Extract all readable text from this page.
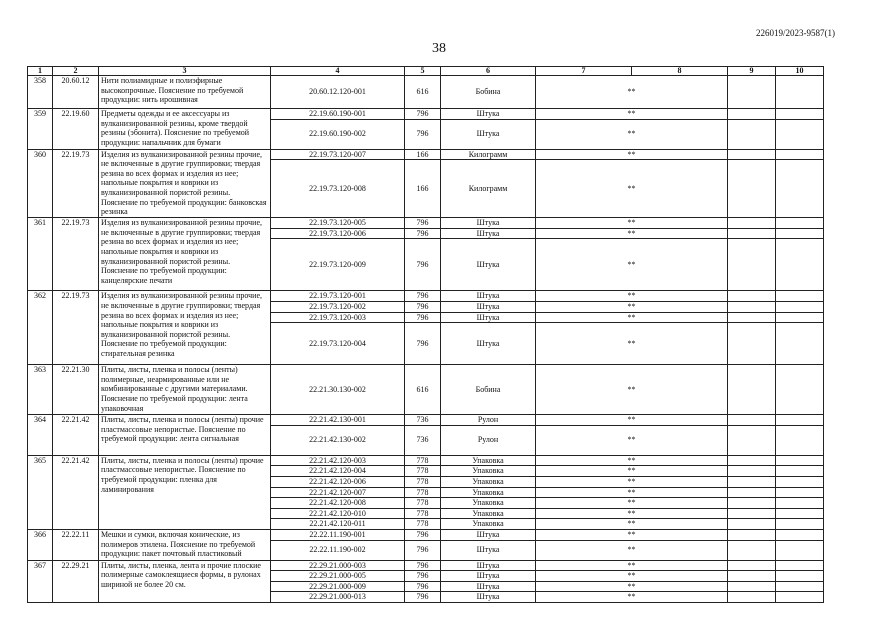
226019/2023-9587(1)
38
1	2	3	4	5	6	7	8	9	10
358	20.60.12	Нити полиамидные и полиэфирные высокопрочные. Пояснение по требуемой продукции: нить ирошивная	20.60.12.120-001	616	Бобина	**			
359	22.19.60	Предметы одежды и ее аксессуары из вулканизированной резины, кроме твердой резины (эбонита). Пояснение по требуемой продукции: напальчник для бумаги	22.19.60.190-001	796	Штука	**			
			22.19.60.190-002	796	Штука	**			
360	22.19.73	Изделия из вулканизированной резины прочие, не включенные в другие группировки; твердая резина во всех формах и изделия из нее; напольные покрытия и коврики из вулканизированной пористой резины. Пояснение по требуемой продукции: банковская резинка	22.19.73.120-007	166	Килограмм	**			
			22.19.73.120-008	166	Килограмм	**			
361	22.19.73	Изделия из вулканизированной резины прочие, не включенные в другие группировки; твердая резина во всех формах и изделия из нее; напольные покрытия и коврики из вулканизированной пористой резины. Пояснение по требуемой продукции: канцелярские печати	22.19.73.120-005	796	Штука	**			
			22.19.73.120-006	796	Штука	**			
			22.19.73.120-009	796	Штука	**			
362	22.19.73	Изделия из вулканизированной резины прочие, не включенные в другие группировки; твердая резина во всех формах и изделия из нее; напольные покрытия и коврики из вулканизированной пористой резины. Пояснение по требуемой продукции: стирательная резинка	22.19.73.120-001	796	Штука	**			
			22.19.73.120-002	796	Штука	**			
			22.19.73.120-003	796	Штука	**			
			22.19.73.120-004	796	Штука	**			
363	22.21.30	Плиты, листы, пленка и полосы (ленты) полимерные, неармированные или не комбинированные с другими материалами. Пояснение по требуемой продукции: лента упаковочная	22.21.30.130-002	616	Бобина	**			
364	22.21.42	Плиты, листы, пленка и полосы (ленты) прочие пластмассовые непористые. Пояснение по требуемой продукции: лента сигнальная	22.21.42.130-001	736	Рулон	**			
			22.21.42.130-002	736	Рулон	**			
365	22.21.42	Плиты, листы, пленка и полосы (ленты) прочие пластмассовые непористые. Пояснение по требуемой продукции: пленка для ламинирования	22.21.42.120-003	778	Упаковка	**			
			22.21.42.120-004	778	Упаковка	**			
			22.21.42.120-006	778	Упаковка	**			
			22.21.42.120-007	778	Упаковка	**			
			22.21.42.120-008	778	Упаковка	**			
			22.21.42.120-010	778	Упаковка	**			
			22.21.42.120-011	778	Упаковка	**			
366	22.22.11	Мешки и сумки, включая конические, из полимеров этилена. Пояснение по требуемой продукции: пакет почтовый пластиковый	22.22.11.190-001	796	Штука	**			
			22.22.11.190-002	796	Штука	**			
367	22.29.21	Плиты, листы, пленка, лента и прочие плоские полимерные самоклеящиеся формы, в рулонах шириной не более 20 см.	22.29.21.000-003	796	Штука	**			
			22.29.21.000-005	796	Штука	**			
			22.29.21.000-009	796	Штука	**			
			22.29.21.000-013	796	Штука	**			
